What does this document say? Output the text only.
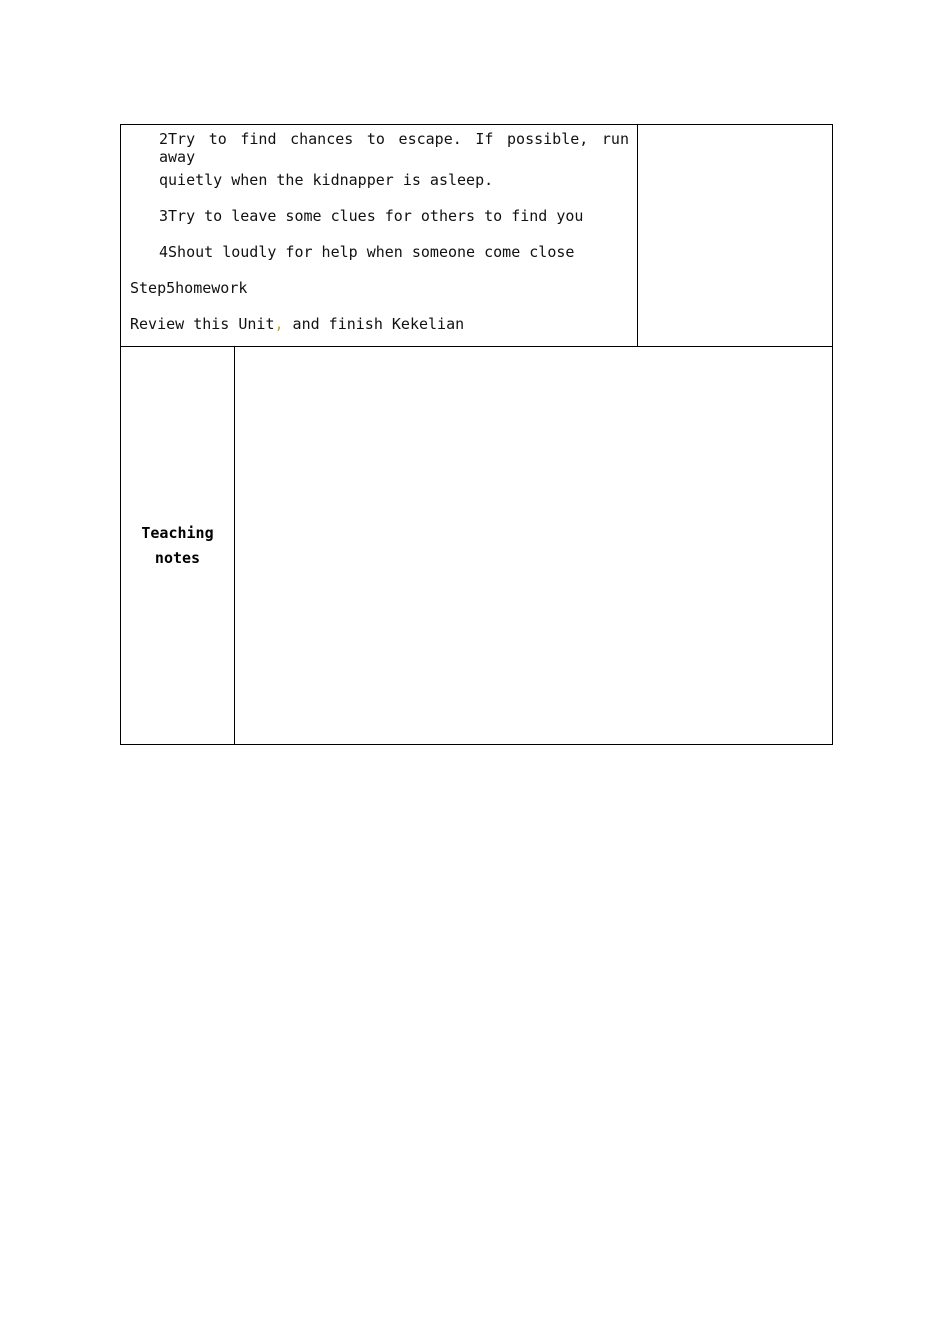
2Try to find chances to escape. If possible, run away
quietly when the kidnapper is asleep.
3Try to leave some clues for others to find you
4Shout loudly for help when someone come close
Step5homework
Review this Unit, and finish Kekelian
Teaching notes
